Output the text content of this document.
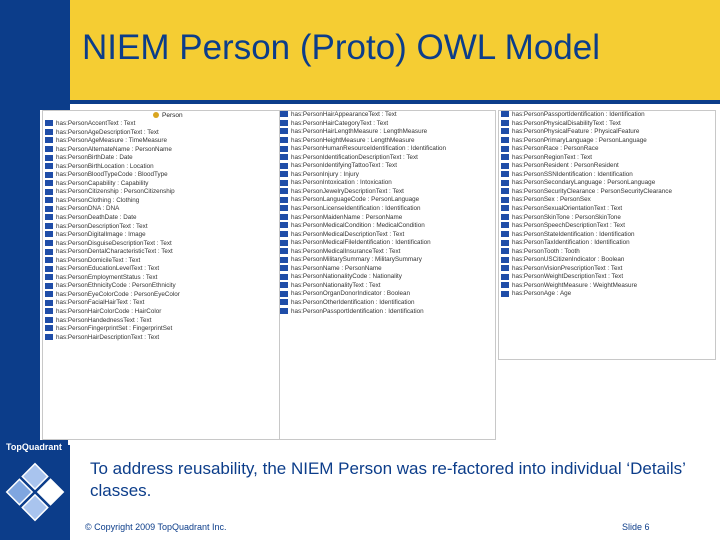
NIEM Person (Proto) OWL Model
Person
has:PersonAccentText : Text
has:PersonAgeDescriptionText : Text
has:PersonAgeMeasure : TimeMeasure
has:PersonAlternateName : PersonName
has:PersonBirthDate : Date
has:PersonBirthLocation : Location
has:PersonBloodTypeCode : BloodType
has:PersonCapability : Capability
has:PersonCitizenship : PersonCitizenship
has:PersonClothing : Clothing
has:PersonDNA : DNA
has:PersonDeathDate : Date
has:PersonDescriptionText : Text
has:PersonDigitalImage : Image
has:PersonDisguiseDescriptionText : Text
has:PersonDentalCharacteristicText : Text
has:PersonDomicileText : Text
has:PersonEducationLevelText : Text
has:PersonEmploymentStatus : Text
has:PersonEthnicityCode : PersonEthnicity
has:PersonEyeColorCode : PersonEyeColor
has:PersonFacialHairText : Text
has:PersonHairColorCode : HairColor
has:PersonHandednessText : Text
has:PersonFingerprintSet : FingerprintSet
has:PersonHairDescriptionText : Text
has:PersonHairAppearanceText : Text
has:PersonHairCategoryText : Text
has:PersonHairLengthMeasure : LengthMeasure
has:PersonHeightMeasure : LengthMeasure
has:PersonHumanResourceIdentification : Identification
has:PersonIdentificationDescriptionText : Text
has:PersonIdentifyingTattooText : Text
has:PersonInjury : Injury
has:PersonIntoxication : Intoxication
has:PersonJewelryDescriptionText : Text
has:PersonLanguageCode : PersonLanguage
has:PersonLicenseIdentification : Identification
has:PersonMaidenName : PersonName
has:PersonMedicalCondition : MedicalCondition
has:PersonMedicalDescriptionText : Text
has:PersonMedicalFileIdentification : Identification
has:PersonMedicalInsuranceText : Text
has:PersonMilitarySummary : MilitarySummary
has:PersonName : PersonName
has:PersonNationalityCode : Nationality
has:PersonNationalityText : Text
has:PersonOrganDonorIndicator : Boolean
has:PersonOtherIdentification : Identification
has:PersonPassportIdentification : Identification
has:PersonPassportIdentification : Identification
has:PersonPhysicalDisabilityText : Text
has:PersonPhysicalFeature : PhysicalFeature
has:PersonPrimaryLanguage : PersonLanguage
has:PersonRace : PersonRace
has:PersonRegionText : Text
has:PersonResident : PersonResident
has:PersonSSNIdentification : Identification
has:PersonSecondaryLanguage : PersonLanguage
has:PersonSecurityClearance : PersonSecurityClearance
has:PersonSex : PersonSex
has:PersonSexualOrientationText : Text
has:PersonSkinTone : PersonSkinTone
has:PersonSpeechDescriptionText : Text
has:PersonStateIdentification : Identification
has:PersonTaxIdentification : Identification
has:PersonTooth : Tooth
has:PersonUSCitizenIndicator : Boolean
has:PersonVisionPrescriptionText : Text
has:PersonWeightDescriptionText : Text
has:PersonWeightMeasure : WeightMeasure
has:PersonAge : Age
To address reusability, the NIEM Person was re-factored into individual ‘Details’ classes.
TopQuadrant
© Copyright 2009 TopQuadrant Inc.	Slide 6
